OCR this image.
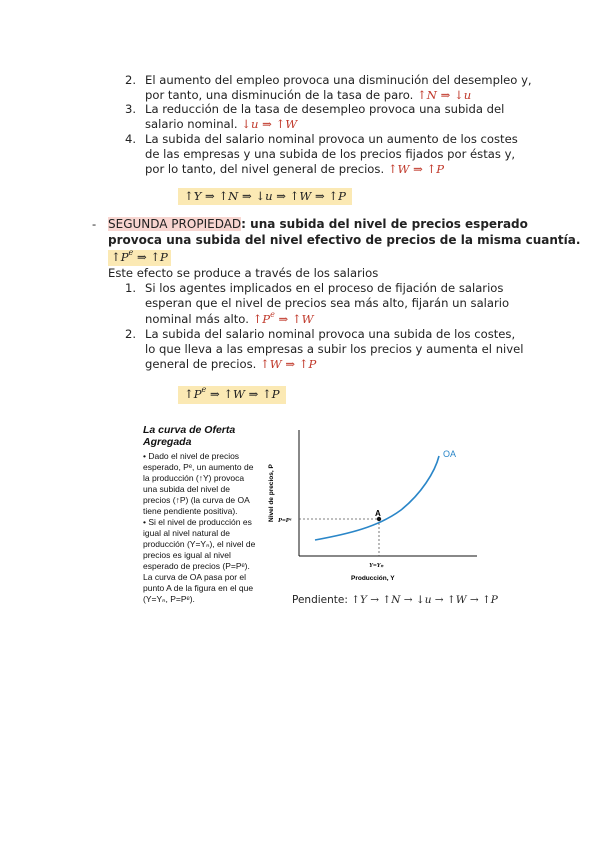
2. El aumento del empleo provoca una disminución del desempleo y,
por tanto, una disminución de la tasa de paro. ↑𝑁 ⇒ ↓𝑢
3. La reducción de la tasa de desempleo provoca una subida del
salario nominal. ↓𝑢 ⇒ ↑𝑊
4. La subida del salario nominal provoca un aumento de los costes
de las empresas y una subida de los precios fijados por éstas y,
por lo tanto, del nivel general de precios. ↑𝑊 ⇒ ↑𝑃
↑𝑌 ⇒ ↑𝑁 ⇒ ↓𝑢 ⇒ ↑𝑊 ⇒ ↑𝑃
- SEGUNDA PROPIEDAD: una subida del nivel de precios esperado
provoca una subida del nivel efectivo de precios de la misma cuantía.
↑𝑃$^𝑒$ ⇒ ↑𝑃
Este efecto se produce a través de los salarios
1. Si los agentes implicados en el proceso de fijación de salarios
esperan que el nivel de precios sea más alto, fijarán un salario
nominal más alto. ↑𝑃$^𝑒$ ⇒ ↑𝑊
2. La subida del salario nominal provoca una subida de los costes,
lo que lleva a las empresas a subir los precios y aumenta el nivel
general de precios. ↑𝑊 ⇒ ↑𝑃
↑𝑃$^𝑒$ ⇒ ↑𝑊 ⇒ ↑𝑃
La curva de Oferta
Agregada
• Dado el nivel de precios
esperado, Pᵉ, un aumento de
la producción (↑Y) provoca
una subida del nivel de
precios (↑P) (la curva de OA
tiene pendiente positiva).
• Si el nivel de producción es
igual al nivel natural de
producción (Y=Yₙ), el nivel de
precios es igual al nivel
esperado de precios (P=Pᵉ).
La curva de OA pasa por el
punto A de la figura en el que
(Y=Yₙ, P=Pᵉ).
A
OA
Nivel de precios, P P=Pᵉ
Y=Yₙ
Producción, Y
Pendiente: ↑𝑌 → ↑𝑁 → ↓𝑢 → ↑𝑊 → ↑𝑃
